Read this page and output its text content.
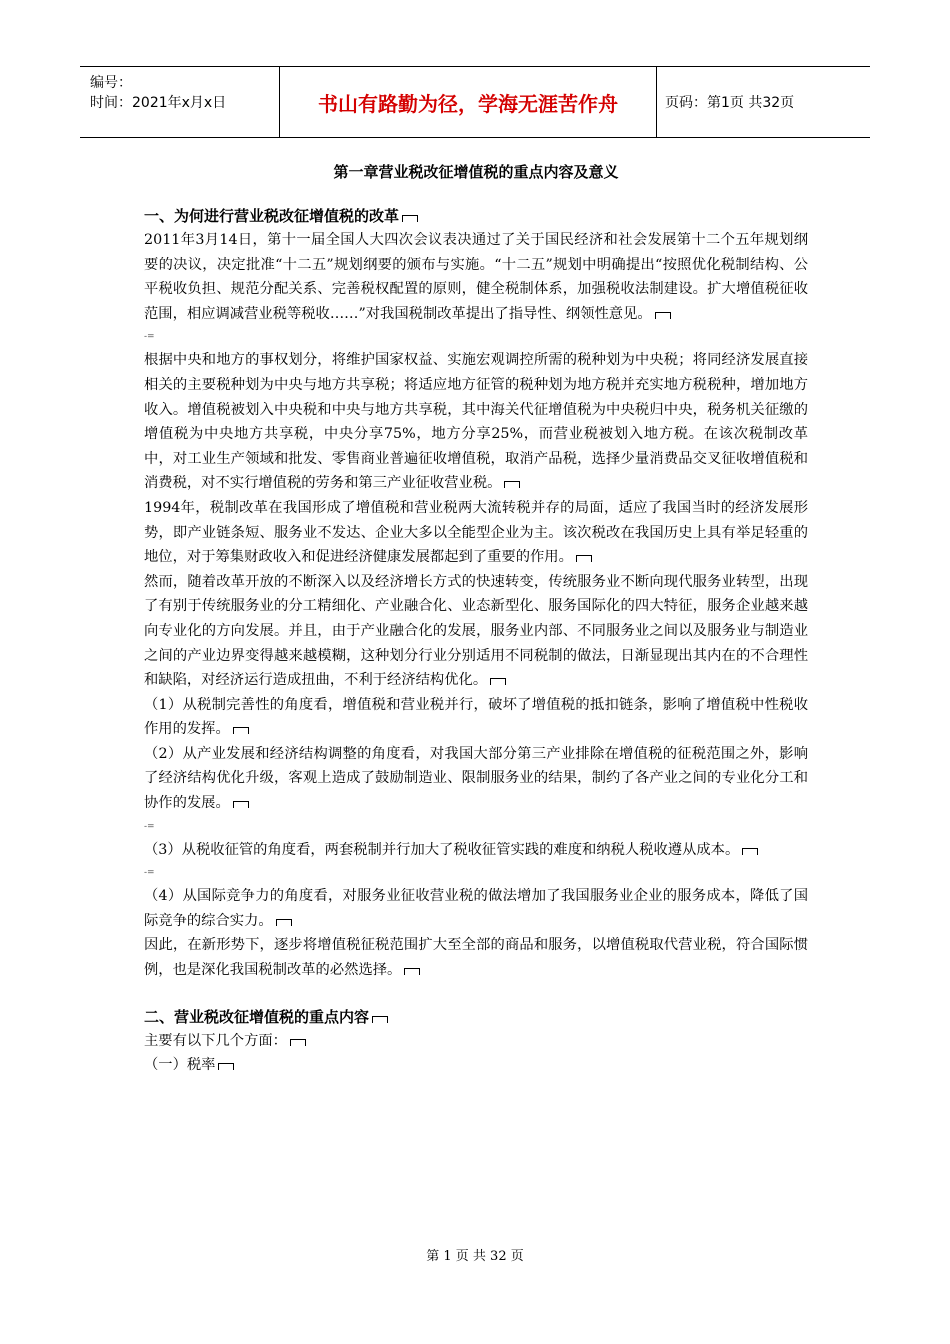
编号：
时间：2021年x月x日	书山有路勤为径，学海无涯苦作舟	页码：第1页 共32页
第一章营业税改征增值税的重点内容及意义
一、为何进行营业税改征增值税的改革
2011年3月14日，第十一届全国人大四次会议表决通过了关于国民经济和社会发展第十二个五年规划纲要的决议，决定批准“十二五”规划纲要的颁布与实施。“十二五”规划中明确提出“按照优化税制结构、公平税收负担、规范分配关系、完善税权配置的原则，健全税制体系，加强税收法制建设。扩大增值税征收范围，相应调减营业税等税收……”对我国税制改革提出了指导性、纲领性意见。
-=
根据中央和地方的事权划分，将维护国家权益、实施宏观调控所需的税种划为中央税；将同经济发展直接相关的主要税种划为中央与地方共享税；将适应地方征管的税种划为地方税并充实地方税税种，增加地方收入。增值税被划入中央税和中央与地方共享税，其中海关代征增值税为中央税归中央，税务机关征缴的增值税为中央地方共享税，中央分享75%，地方分享25%，而营业税被划入地方税。在该次税制改革中，对工业生产领域和批发、零售商业普遍征收增值税，取消产品税，选择少量消费品交叉征收增值税和消费税，对不实行增值税的劳务和第三产业征收营业税。
1994年，税制改革在我国形成了增值税和营业税两大流转税并存的局面，适应了我国当时的经济发展形势，即产业链条短、服务业不发达、企业大多以全能型企业为主。该次税改在我国历史上具有举足轻重的地位，对于筹集财政收入和促进经济健康发展都起到了重要的作用。
然而，随着改革开放的不断深入以及经济增长方式的快速转变，传统服务业不断向现代服务业转型，出现了有别于传统服务业的分工精细化、产业融合化、业态新型化、服务国际化的四大特征，服务企业越来越向专业化的方向发展。并且，由于产业融合化的发展，服务业内部、不同服务业之间以及服务业与制造业之间的产业边界变得越来越模糊，这种划分行业分别适用不同税制的做法，日渐显现出其内在的不合理性和缺陷，对经济运行造成扭曲，不利于经济结构优化。
（1）从税制完善性的角度看，增值税和营业税并行，破坏了增值税的抵扣链条，影响了增值税中性税收作用的发挥。
（2）从产业发展和经济结构调整的角度看，对我国大部分第三产业排除在增值税的征税范围之外，影响了经济结构优化升级，客观上造成了鼓励制造业、限制服务业的结果，制约了各产业之间的专业化分工和协作的发展。
-=
（3）从税收征管的角度看，两套税制并行加大了税收征管实践的难度和纳税人税收遵从成本。
-=
（4）从国际竞争力的角度看，对服务业征收营业税的做法增加了我国服务业企业的服务成本，降低了国际竞争的综合实力。
因此，在新形势下，逐步将增值税征税范围扩大至全部的商品和服务，以增值税取代营业税，符合国际惯例，也是深化我国税制改革的必然选择。
二、营业税改征增值税的重点内容
主要有以下几个方面：
（一）税率
第 1 页 共 32 页
